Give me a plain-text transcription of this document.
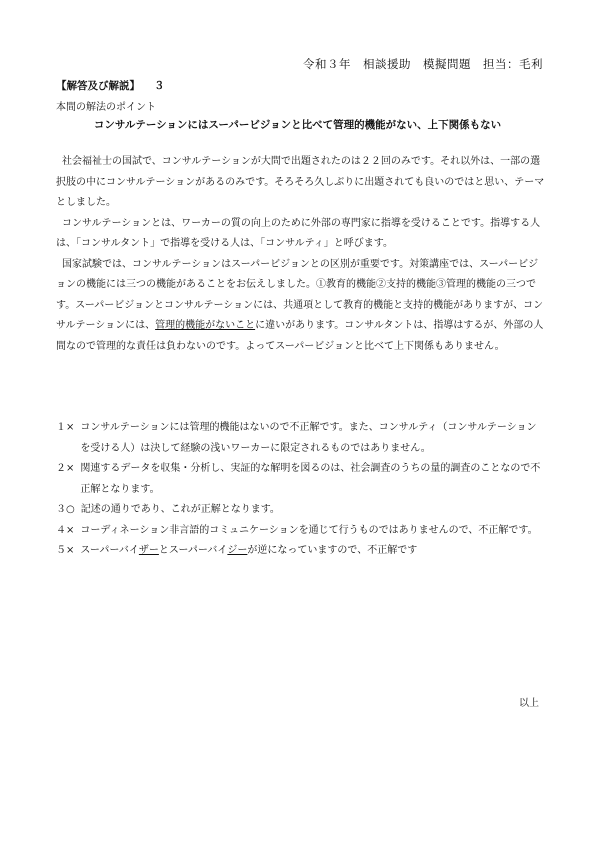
令和３年　相談援助　模擬問題　担当：毛利
【解答及び解説】 ３
本間の解法のポイント
コンサルテーションにはスーパービジョンと比べて管理的機能がない、上下関係もない

社会福祉士の国試で、コンサルテーションが大問で出題されたのは２２回のみです。それ以外は、一部の選択肢の中にコンサルテーションがあるのみです。そろそろ久しぶりに出題されても良いのではと思い、テーマとしました。

コンサルテーションとは、ワーカーの質の向上のために外部の専門家に指導を受けることです。指導する人は、「コンサルタント」で指導を受ける人は、「コンサルティ」と呼びます。

国家試験では、コンサルテーションはスーパービジョンとの区別が重要です。対策講座では、スーパービジョンの機能には三つの機能があることをお伝えしました。①教育的機能②支持的機能③管理的機能の三つです。スーパービジョンとコンサルテーションには、共通項として教育的機能と支持的機能がありますが、コンサルテーションには、管理的機能がないことに違いがあります。コンサルタントは、指導はするが、外部の人間なので管理的な責任は負わないのです。よってスーパービジョンと比べて上下関係もありません。

１× コンサルテーションには管理的機能はないので不正解です。また、コンサルティ（コンサルテーションを受ける人）は決して経験の浅いワーカーに限定されるものではありません。
２× 関連するデータを収集・分析し、実証的な解明を図るのは、社会調査のうちの量的調査のことなので不正解となります。
３○ 記述の通りであり、これが正解となります。
４× コーディネーション非言語的コミュニケーションを通じて行うものではありませんので、不正解です。
５× スーパーバイザーとスーパーバイジーが逆になっていますので、不正解です
以上
